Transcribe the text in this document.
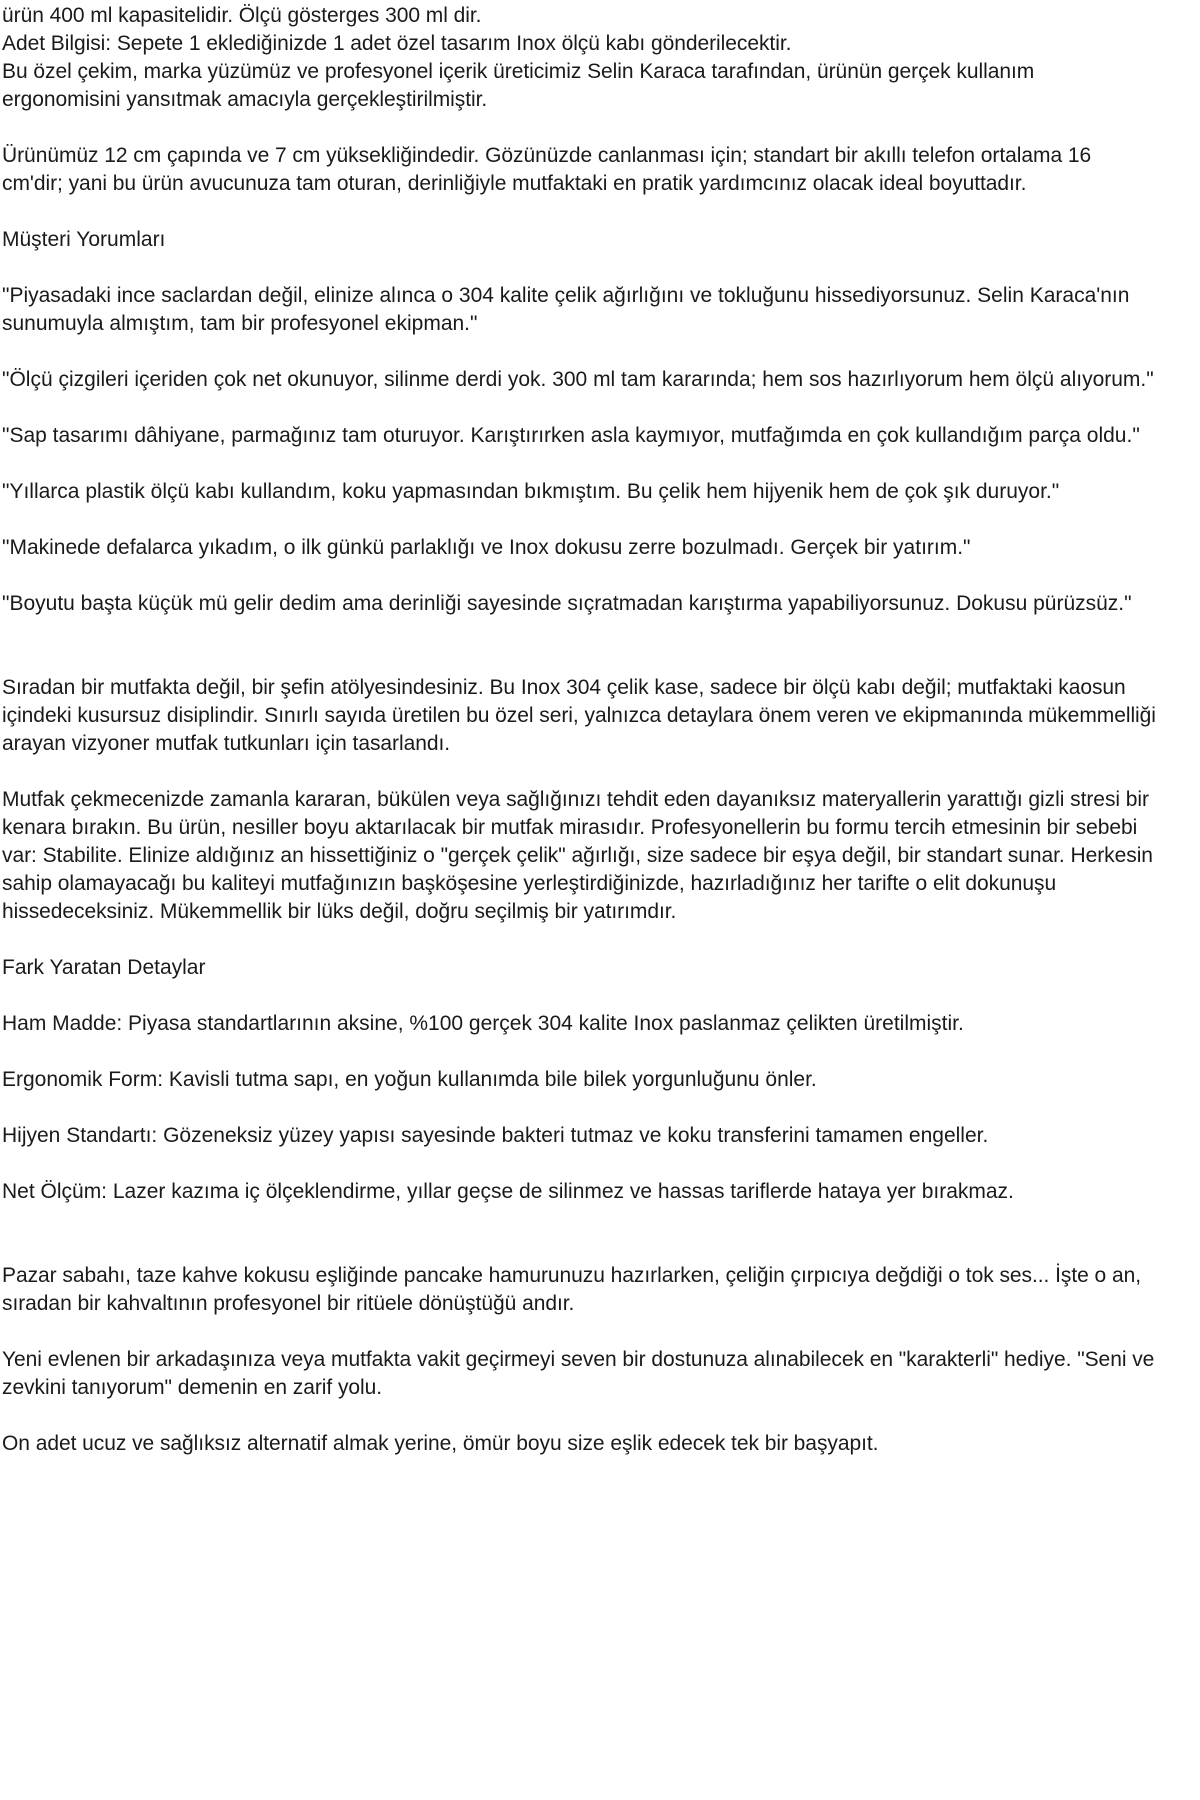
ürün 400 ml kapasitelidir. Ölçü gösterges 300 ml dir.

Adet Bilgisi: Sepete 1 eklediğinizde 1 adet özel tasarım Inox ölçü kabı gönderilecektir.

Bu özel çekim, marka yüzümüz ve profesyonel içerik üreticimiz Selin Karaca tarafından, ürünün gerçek kullanım ergonomisini yansıtmak amacıyla gerçekleştirilmiştir.

Ürünümüz 12 cm çapında ve 7 cm yüksekliğindedir. Gözünüzde canlanması için; standart bir akıllı telefon ortalama 16 cm'dir; yani bu ürün avucunuza tam oturan, derinliğiyle mutfaktaki en pratik yardımcınız olacak ideal boyuttadır.

Müşteri Yorumları

"Piyasadaki ince saclardan değil, elinize alınca o 304 kalite çelik ağırlığını ve tokluğunu hissediyorsunuz. Selin Karaca'nın sunumuyla almıştım, tam bir profesyonel ekipman."

"Ölçü çizgileri içeriden çok net okunuyor, silinme derdi yok. 300 ml tam kararında; hem sos hazırlıyorum hem ölçü alıyorum."

"Sap tasarımı dâhiyane, parmağınız tam oturuyor. Karıştırırken asla kaymıyor, mutfağımda en çok kullandığım parça oldu."

"Yıllarca plastik ölçü kabı kullandım, koku yapmasından bıkmıştım. Bu çelik hem hijyenik hem de çok şık duruyor."

"Makinede defalarca yıkadım, o ilk günkü parlaklığı ve Inox dokusu zerre bozulmadı. Gerçek bir yatırım."

"Boyutu başta küçük mü gelir dedim ama derinliği sayesinde sıçratmadan karıştırma yapabiliyorsunuz. Dokusu pürüzsüz."

Sıradan bir mutfakta değil, bir şefin atölyesindesiniz. Bu Inox 304 çelik kase, sadece bir ölçü kabı değil; mutfaktaki kaosun içindeki kusursuz disiplindir. Sınırlı sayıda üretilen bu özel seri, yalnızca detaylara önem veren ve ekipmanında mükemmelliği arayan vizyoner mutfak tutkunları için tasarlandı.

Mutfak çekmecenizde zamanla kararan, bükülen veya sağlığınızı tehdit eden dayanıksız materyallerin yarattığı gizli stresi bir kenara bırakın. Bu ürün, nesiller boyu aktarılacak bir mutfak mirasıdır. Profesyonellerin bu formu tercih etmesinin bir sebebi var: Stabilite. Elinize aldığınız an hissettiğiniz o "gerçek çelik" ağırlığı, size sadece bir eşya değil, bir standart sunar. Herkesin sahip olamayacağı bu kaliteyi mutfağınızın başköşesine yerleştirdiğinizde, hazırladığınız her tarifte o elit dokunuşu hissedeceksiniz. Mükemmellik bir lüks değil, doğru seçilmiş bir yatırımdır.

Fark Yaratan Detaylar

Ham Madde: Piyasa standartlarının aksine, %100 gerçek 304 kalite Inox paslanmaz çelikten üretilmiştir.

Ergonomik Form: Kavisli tutma sapı, en yoğun kullanımda bile bilek yorgunluğunu önler.

Hijyen Standartı: Gözeneksiz yüzey yapısı sayesinde bakteri tutmaz ve koku transferini tamamen engeller.

Net Ölçüm: Lazer kazıma iç ölçeklendirme, yıllar geçse de silinmez ve hassas tariflerde hataya yer bırakmaz.

Pazar sabahı, taze kahve kokusu eşliğinde pancake hamurunuzu hazırlarken, çeliğin çırpıcıya değdiği o tok ses... İşte o an, sıradan bir kahvaltının profesyonel bir ritüele dönüştüğü andır.

Yeni evlenen bir arkadaşınıza veya mutfakta vakit geçirmeyi seven bir dostunuza alınabilecek en "karakterli" hediye. "Seni ve zevkini tanıyorum" demenin en zarif yolu.

On adet ucuz ve sağlıksız alternatif almak yerine, ömür boyu size eşlik edecek tek bir başyapıt.
